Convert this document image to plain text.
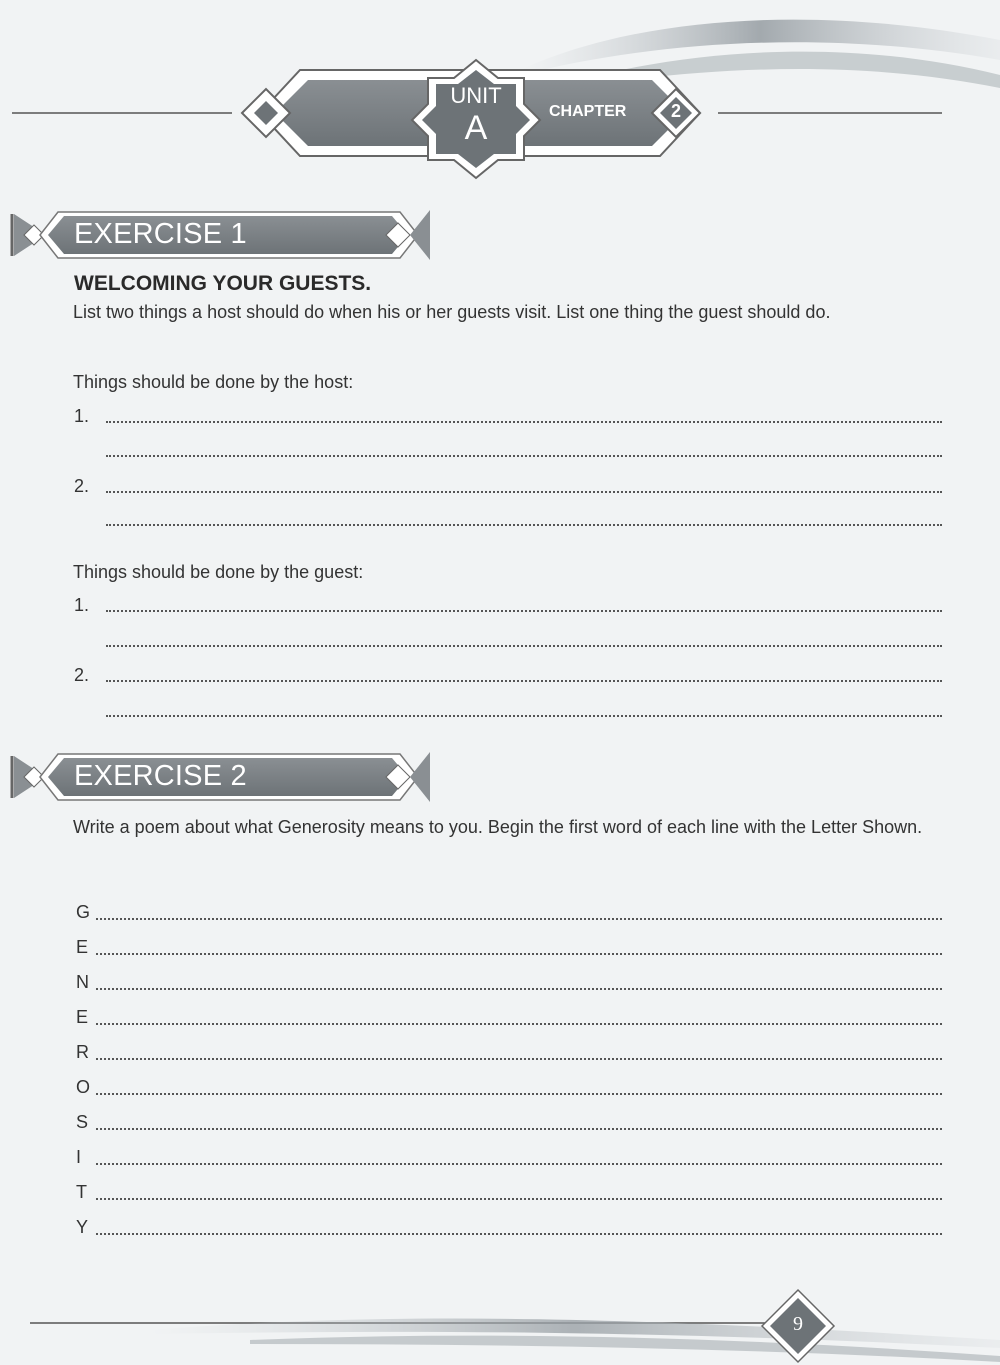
UNIT
A	CHAPTER	2
EXERCISE 1
WELCOMING YOUR GUESTS.
List two things a host should do when his or her guests visit. List one thing the guest should do.
Things should be done by the host:
1.
2.
Things should be done by the guest:
1.
2.
EXERCISE 2
Write a poem about what Generosity means to you. Begin the first word of each line with the Letter Shown.
G
E
N
E
R
O
S
I
T
Y
9
